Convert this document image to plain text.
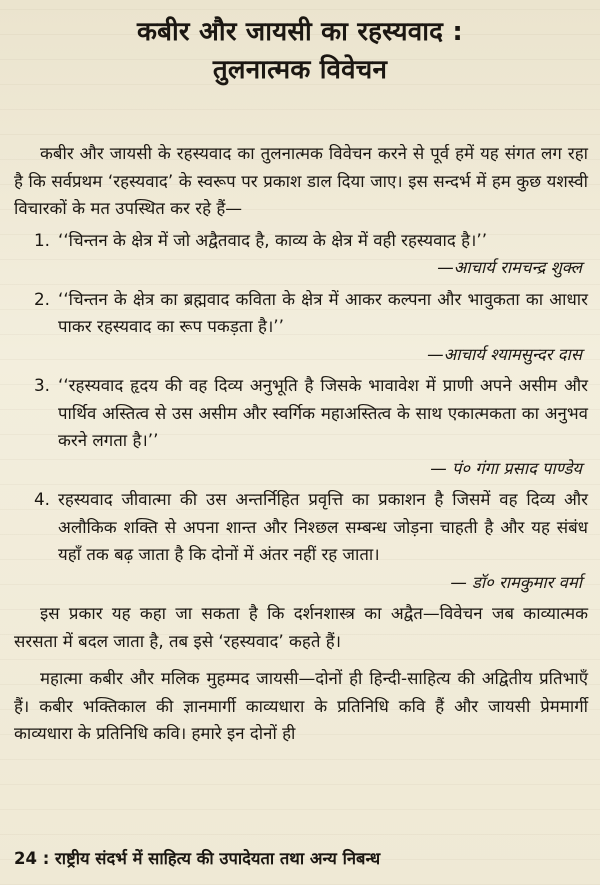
कबीर और जायसी का रहस्यवाद :
तुलनात्मक विवेचन

कबीर और जायसी के रहस्यवाद का तुलनात्मक विवेचन करने से पूर्व हमें यह संगत लग रहा है कि सर्वप्रथम ‘रहस्यवाद’ के स्वरूप पर प्रकाश डाल दिया जाए। इस सन्दर्भ में हम कुछ यशस्वी विचारकों के मत उपस्थित कर रहे हैं—

1. ‘‘चिन्तन के क्षेत्र में जो अद्वैतवाद है, काव्य के क्षेत्र में वही रहस्यवाद है।’’
—आचार्य रामचन्द्र शुक्ल
2. ‘‘चिन्तन के क्षेत्र का ब्रह्मवाद कविता के क्षेत्र में आकर कल्पना और भावुकता का आधार पाकर रहस्यवाद का रूप पकड़ता है।’’
—आचार्य श्यामसुन्दर दास
3. ‘‘रहस्यवाद हृदय की वह दिव्य अनुभूति है जिसके भावावेश में प्राणी अपने असीम और पार्थिव अस्तित्व से उस असीम और स्वर्गिक महाअस्तित्व के साथ एकात्मकता का अनुभव करने लगता है।’’
— पं० गंगा प्रसाद पाण्डेय
4. रहस्यवाद जीवात्मा की उस अन्तर्निहित प्रवृत्ति का प्रकाशन है जिसमें वह दिव्य और अलौकिक शक्ति से अपना शान्त और निश्छल सम्बन्ध जोड़ना चाहती है और यह संबंध यहाँ तक बढ़ जाता है कि दोनों में अंतर नहीं रह जाता।
— डॉ० रामकुमार वर्मा

इस प्रकार यह कहा जा सकता है कि दर्शनशास्त्र का अद्वैत—विवेचन जब काव्यात्मक सरसता में बदल जाता है, तब इसे ‘रहस्यवाद’ कहते हैं।

महात्मा कबीर और मलिक मुहम्मद जायसी—दोनों ही हिन्दी-साहित्य की अद्वितीय प्रतिभाएँ हैं। कबीर भक्तिकाल की ज्ञानमार्गी काव्यधारा के प्रतिनिधि कवि हैं और जायसी प्रेममार्गी काव्यधारा के प्रतिनिधि कवि। हमारे इन दोनों ही

24 : राष्ट्रीय संदर्भ में साहित्य की उपादेयता तथा अन्य निबन्ध
